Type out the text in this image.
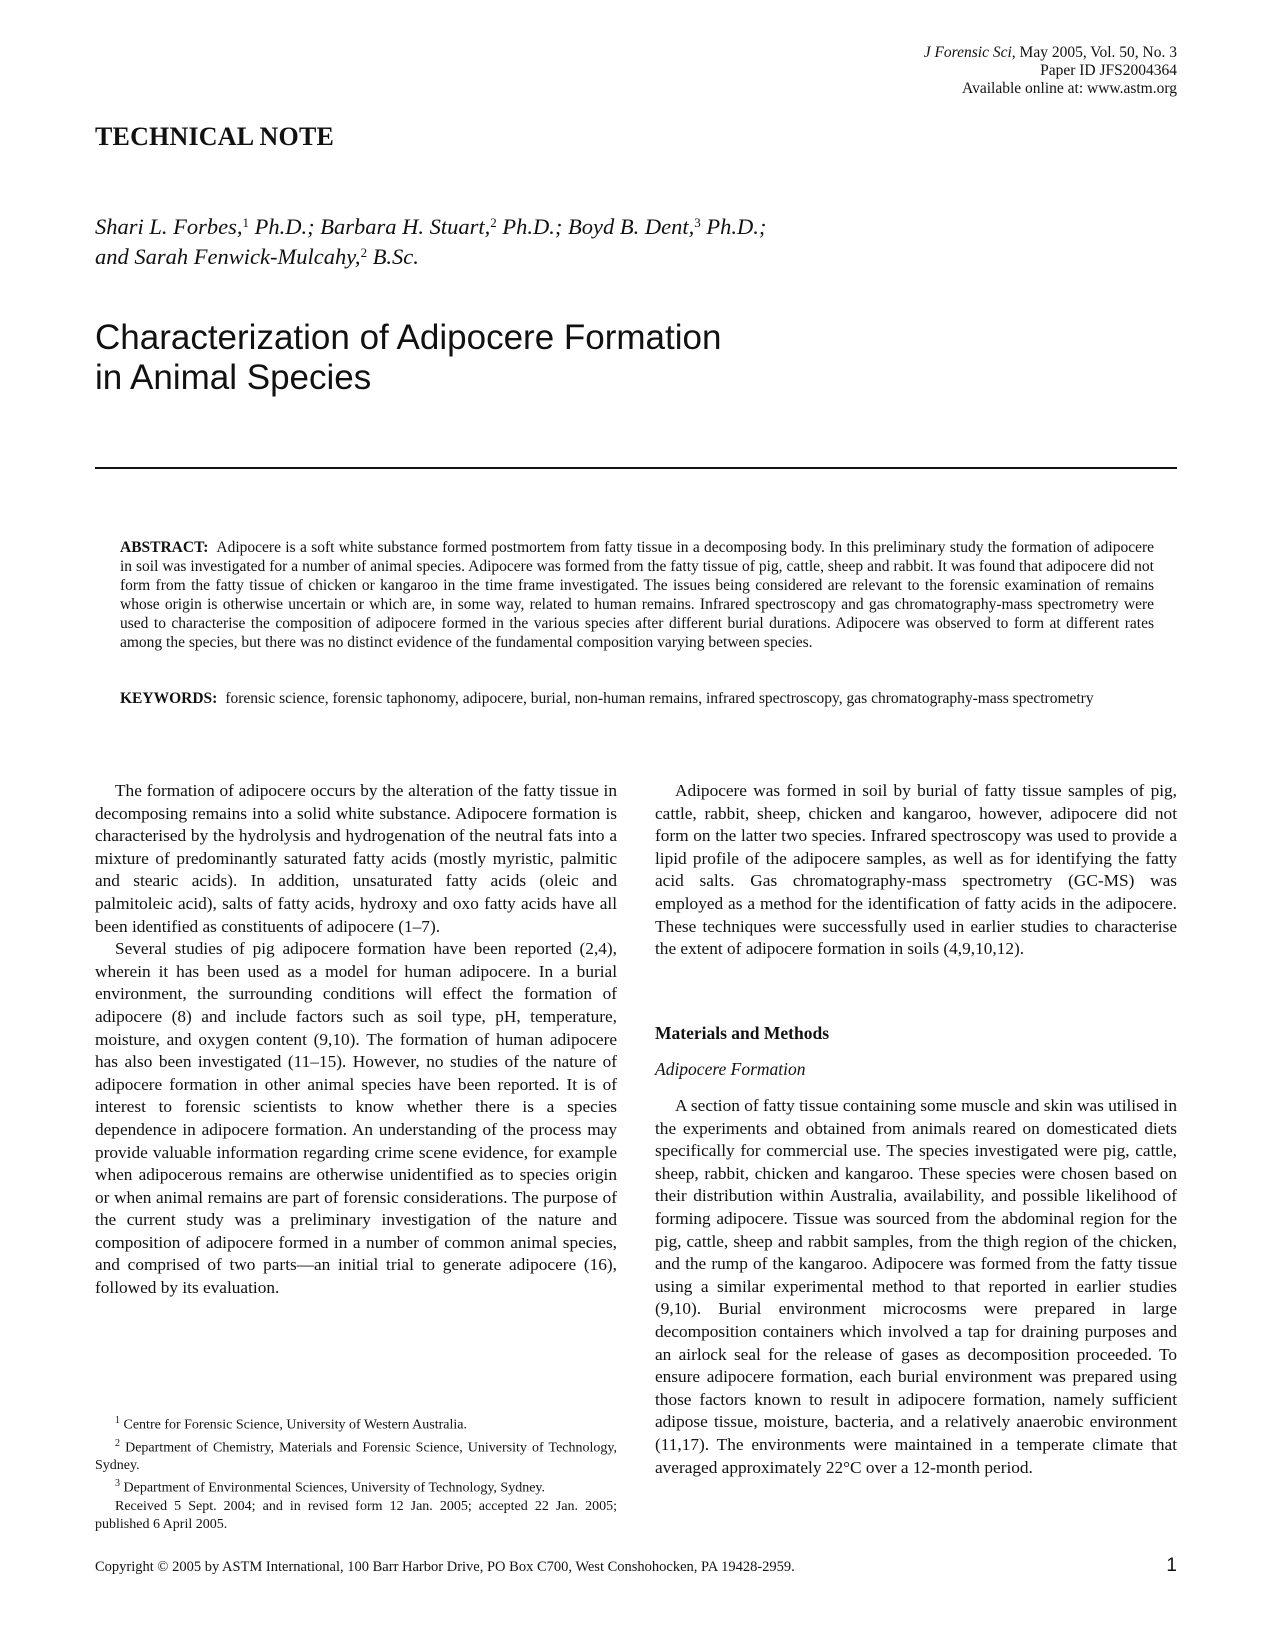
J Forensic Sci, May 2005, Vol. 50, No. 3
Paper ID JFS2004364
Available online at: www.astm.org
TECHNICAL NOTE
Shari L. Forbes,$^1$ Ph.D.; Barbara H. Stuart,$^2$ Ph.D.; Boyd B. Dent,$^3$ Ph.D.;
and Sarah Fenwick-Mulcahy,$^2$ B.Sc.
Characterization of Adipocere Formation
in Animal Species
ABSTRACT: Adipocere is a soft white substance formed postmortem from fatty tissue in a decomposing body. In this preliminary study the formation of adipocere in soil was investigated for a number of animal species. Adipocere was formed from the fatty tissue of pig, cattle, sheep and rabbit. It was found that adipocere did not form from the fatty tissue of chicken or kangaroo in the time frame investigated. The issues being considered are relevant to the forensic examination of remains whose origin is otherwise uncertain or which are, in some way, related to human remains. Infrared spectroscopy and gas chromatography-mass spectrometry were used to characterise the composition of adipocere formed in the various species after different burial durations. Adipocere was observed to form at different rates among the species, but there was no distinct evidence of the fundamental composition varying between species.
KEYWORDS: forensic science, forensic taphonomy, adipocere, burial, non-human remains, infrared spectroscopy, gas chromatography-mass spectrometry

The formation of adipocere occurs by the alteration of the fatty tissue in decomposing remains into a solid white substance. Adipocere formation is characterised by the hydrolysis and hydrogenation of the neutral fats into a mixture of predominantly saturated fatty acids (mostly myristic, palmitic and stearic acids). In addition, unsaturated fatty acids (oleic and palmitoleic acid), salts of fatty acids, hydroxy and oxo fatty acids have all been identified as constituents of adipocere (1–7).

Several studies of pig adipocere formation have been reported (2,4), wherein it has been used as a model for human adipocere. In a burial environment, the surrounding conditions will effect the formation of adipocere (8) and include factors such as soil type, pH, temperature, moisture, and oxygen content (9,10). The formation of human adipocere has also been investigated (11–15). However, no studies of the nature of adipocere formation in other animal species have been reported. It is of interest to forensic scientists to know whether there is a species dependence in adipocere formation. An understanding of the process may provide valuable information regarding crime scene evidence, for example when adipocerous remains are otherwise unidentified as to species origin or when animal remains are part of forensic considerations. The purpose of the current study was a preliminary investigation of the nature and composition of adipocere formed in a number of common animal species, and comprised of two parts—an initial trial to generate adipocere (16), followed by its evaluation.

Adipocere was formed in soil by burial of fatty tissue samples of pig, cattle, rabbit, sheep, chicken and kangaroo, however, adipocere did not form on the latter two species. Infrared spectroscopy was used to provide a lipid profile of the adipocere samples, as well as for identifying the fatty acid salts. Gas chromatography-mass spectrometry (GC-MS) was employed as a method for the identification of fatty acids in the adipocere. These techniques were successfully used in earlier studies to characterise the extent of adipocere formation in soils (4,9,10,12).

Materials and Methods
Adipocere Formation

A section of fatty tissue containing some muscle and skin was utilised in the experiments and obtained from animals reared on domesticated diets specifically for commercial use. The species investigated were pig, cattle, sheep, rabbit, chicken and kangaroo. These species were chosen based on their distribution within Australia, availability, and possible likelihood of forming adipocere. Tissue was sourced from the abdominal region for the pig, cattle, sheep and rabbit samples, from the thigh region of the chicken, and the rump of the kangaroo. Adipocere was formed from the fatty tissue using a similar experimental method to that reported in earlier studies (9,10). Burial environment microcosms were prepared in large decomposition containers which involved a tap for draining purposes and an airlock seal for the release of gases as decomposition proceeded. To ensure adipocere formation, each burial environment was prepared using those factors known to result in adipocere formation, namely sufficient adipose tissue, moisture, bacteria, and a relatively anaerobic environment (11,17). The environments were maintained in a temperate climate that averaged approximately 22°C over a 12-month period.

$^1$ Centre for Forensic Science, University of Western Australia.

$^2$ Department of Chemistry, Materials and Forensic Science, University of Technology, Sydney.

$^3$ Department of Environmental Sciences, University of Technology, Sydney.

Received 5 Sept. 2004; and in revised form 12 Jan. 2005; accepted 22 Jan. 2005; published 6 April 2005.

Copyright © 2005 by ASTM International, 100 Barr Harbor Drive, PO Box C700, West Conshohocken, PA 19428-2959.	1
